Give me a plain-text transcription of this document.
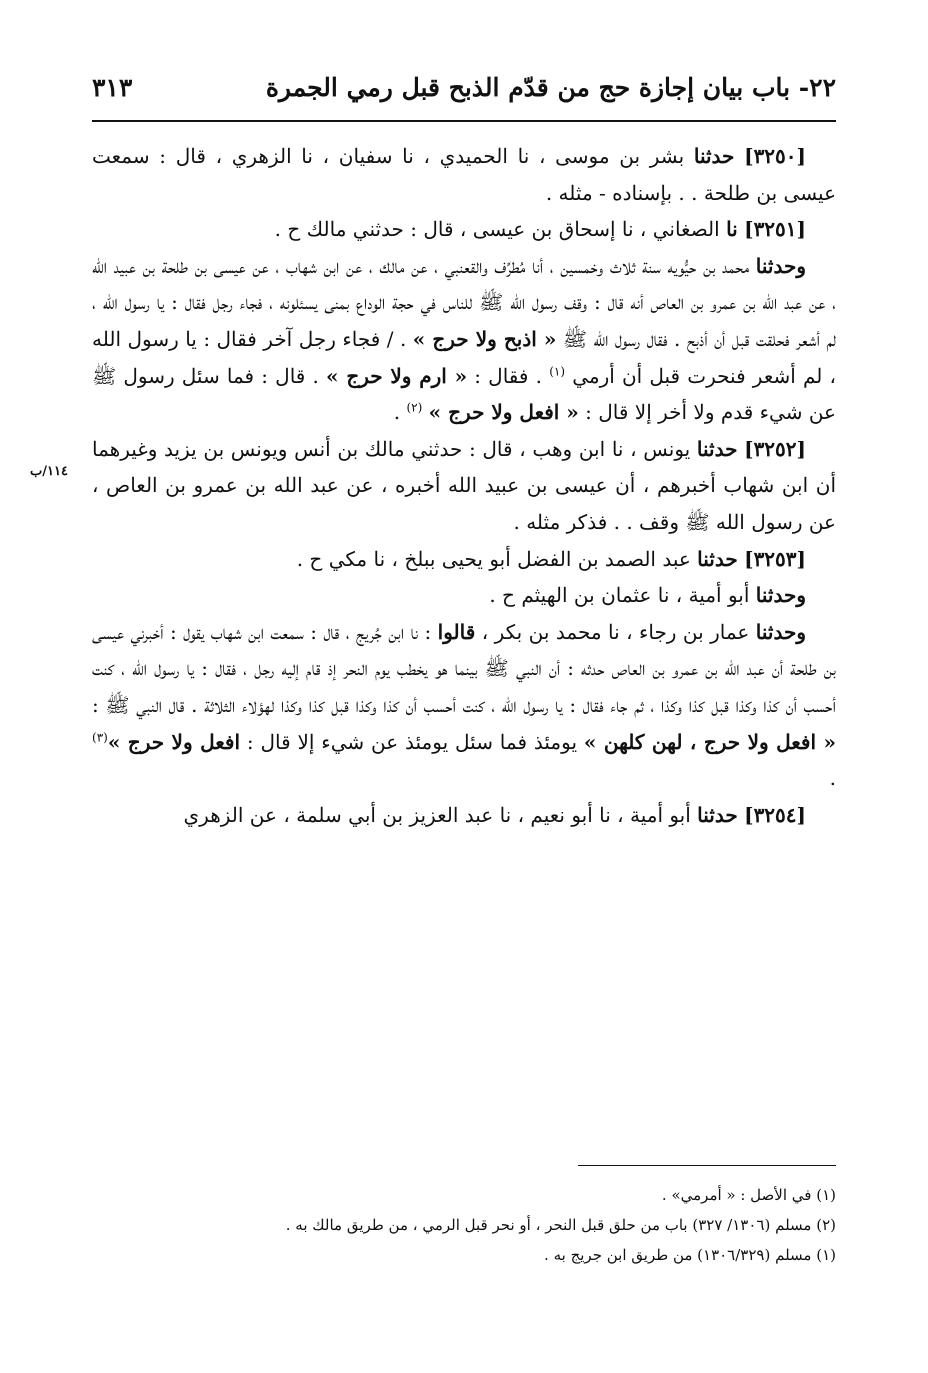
٢٢- باب بيان إجازة حج من قدّم الذبح قبل رمي الجمرة
٣١٣
١١٤/ب

[٣٢٥٠] حدثنا بشر بن موسى ، نا الحميدي ، نا سفيان ، نا الزهري ، قال : سمعت عيسى بن طلحة . . بإسناده - مثله .

[٣٢٥١] نا الصغاني ، نا إسحاق بن عيسى ، قال : حدثني مالك ح .

وحدثنا محمد بن حيُّويه سنة ثلاث وخمسين ، أنا مُطرِّف والقعنبي ، عن مالك ، عن ابن شهاب ، عن عيسى بن طلحة بن عبيد الله ، عن عبد الله بن عمرو بن العاص أنه قال : وقف رسول الله ﷺ للناس في حجة الوداع بمنى يسئلونه ، فجاء رجل فقال : يا رسول الله ، لم أشعر فحلقت قبل أن أذبح . فقال رسول الله ﷺ « اذبح ولا حرج » . / فجاء رجل آخر فقال : يا رسول الله ، لم أشعر فنحرت قبل أن أرمي $^{(١)}$ . فقال : « ارم ولا حرج » . قال : فما سئل رسول ﷺ عن شيء قدم ولا أخر إلا قال : « افعل ولا حرج » $^{(٢)}$ .

[٣٢٥٢] حدثنا يونس ، نا ابن وهب ، قال : حدثني مالك بن أنس ويونس بن يزيد وغيرهما أن ابن شهاب أخبرهم ، أن عيسى بن عبيد الله أخبره ، عن عبد الله بن عمرو بن العاص ، عن رسول الله ﷺ وقف . . فذكر مثله .

[٣٢٥٣] حدثنا عبد الصمد بن الفضل أبو يحيى ببلخ ، نا مكي ح .

وحدثنا أبو أمية ، نا عثمان بن الهيثم ح .

وحدثنا عمار بن رجاء ، نا محمد بن بكر ، قالوا : نا ابن جُريج ، قال : سمعت ابن شهاب يقول : أخبرني عيسى بن طلحة أن عبد الله بن عمرو بن العاص حدثه : أن النبي ﷺ بينما هو يخطب يوم النحر إذ قام إليه رجل ، فقال : يا رسول الله ، كنت أحسب أن كذا وكذا قبل كذا وكذا ، ثم جاء فقال : يا رسول الله ، كنت أحسب أن كذا وكذا قبل كذا وكذا لهؤلاء الثلاثة . قال النبي ﷺ : « افعل ولا حرج ، لهن كلهن » يومئذ فما سئل يومئذ عن شيء إلا قال : افعل ولا حرج »$^{(٣)}$ .

[٣٢٥٤] حدثنا أبو أمية ، نا أبو نعيم ، نا عبد العزيز بن أبي سلمة ، عن الزهري

(١) في الأصل : « أمرمي» .

(٢) مسلم (١٣٠٦/ ٣٢٧) باب من حلق قبل النحر ، أو نحر قبل الرمي ، من طريق مالك به .

(١) مسلم (١٣٠٦/٣٢٩) من طريق ابن جريج به .
